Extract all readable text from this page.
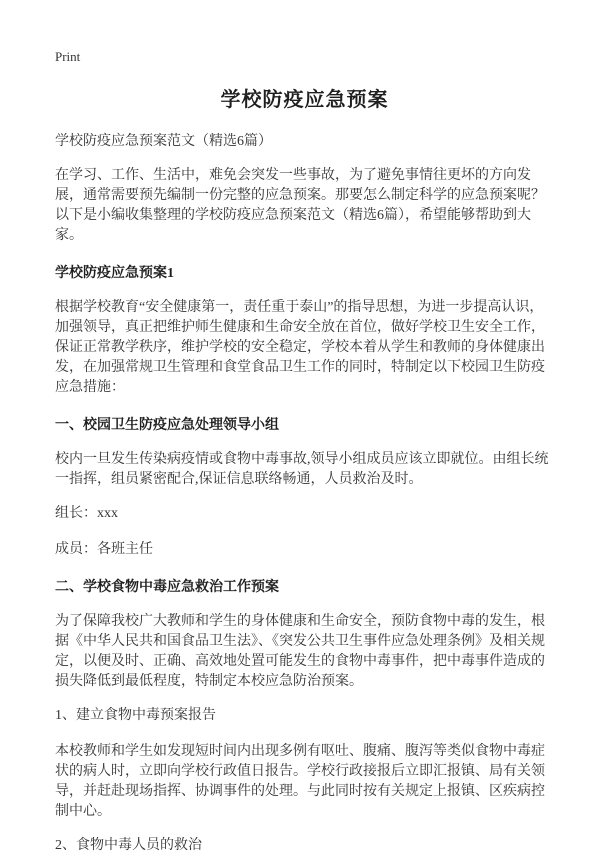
Print
学校防疫应急预案
学校防疫应急预案范文（精选6篇）

在学习、工作、生活中，难免会突发一些事故，为了避免事情往更坏的方向发展，通常需要预先编制一份完整的应急预案。那要怎么制定科学的应急预案呢？以下是小编收集整理的学校防疫应急预案范文（精选6篇），希望能够帮助到大家。

学校防疫应急预案1

根据学校教育“安全健康第一，责任重于泰山”的指导思想，为进一步提高认识，加强领导，真正把维护师生健康和生命安全放在首位，做好学校卫生安全工作，保证正常教学秩序，维护学校的安全稳定，学校本着从学生和教师的身体健康出发，在加强常规卫生管理和食堂食品卫生工作的同时，特制定以下校园卫生防疫应急措施：

一、校园卫生防疫应急处理领导小组

校内一旦发生传染病疫情或食物中毒事故,领导小组成员应该立即就位。由组长统一指挥，组员紧密配合,保证信息联络畅通，人员救治及时。

组长：xxx
成员：各班主任
二、学校食物中毒应急救治工作预案

为了保障我校广大教师和学生的身体健康和生命安全，预防食物中毒的发生，根据《中华人民共和国食品卫生法》、《突发公共卫生事件应急处理条例》及相关规定，以便及时、正确、高效地处置可能发生的食物中毒事件，把中毒事件造成的损失降低到最低程度，特制定本校应急防治预案。

1、建立食物中毒预案报告

本校教师和学生如发现短时间内出现多例有呕吐、腹痛、腹泻等类似食物中毒症状的病人时，立即向学校行政值日报告。学校行政接报后立即汇报镇、局有关领导，并赶赴现场指挥、协调事件的处理。与此同时按有关规定上报镇、区疾病控制中心。

2、食物中毒人员的救治
